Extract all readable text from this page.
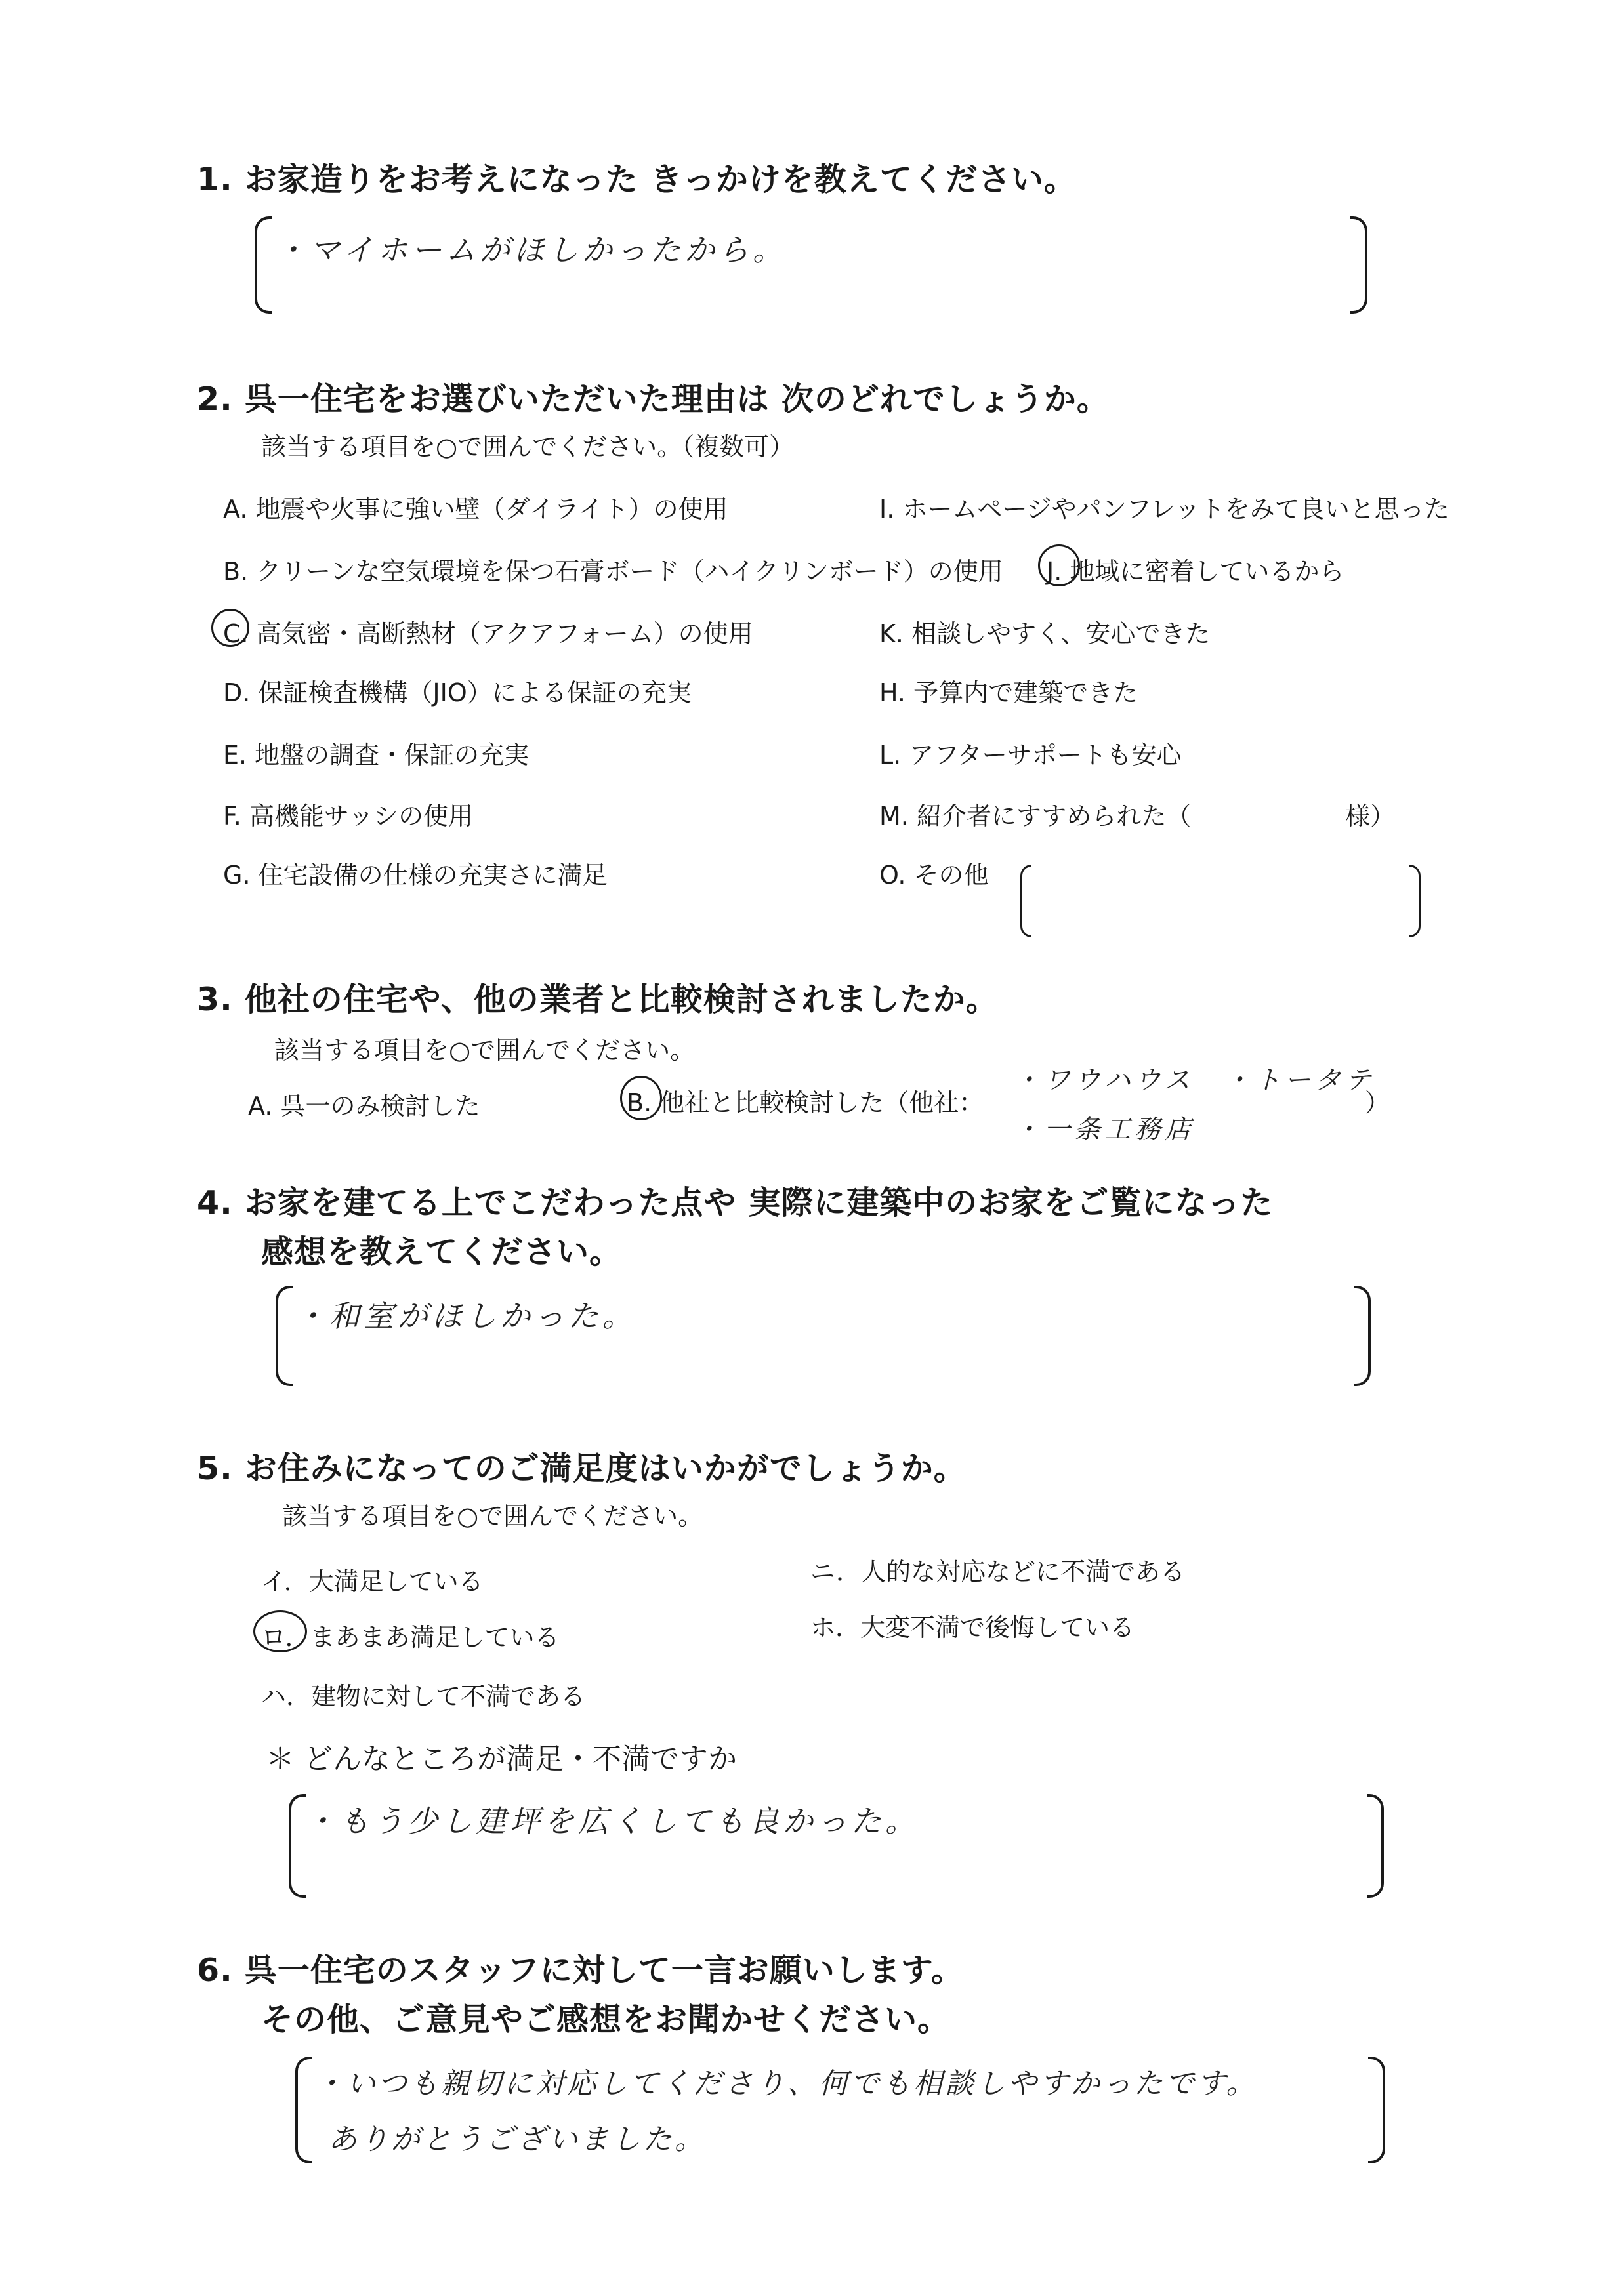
1. お家造りをお考えになった きっかけを教えてください。
・マイホームがほしかったから。
2. 呉一住宅をお選びいただいた理由は 次のどれでしょうか。
該当する項目を○で囲んでください。（複数可）
A. 地震や火事に強い壁（ダイライト）の使用
B. クリーンな空気環境を保つ石膏ボード（ハイクリンボード）の使用
C. 高気密・高断熱材（アクアフォーム）の使用
D. 保証検査機構（JIO）による保証の充実
E. 地盤の調査・保証の充実
F. 高機能サッシの使用
G. 住宅設備の仕様の充実さに満足
I. ホームページやパンフレットをみて良いと思った
J. 地域に密着しているから
K. 相談しやすく、安心できた
H. 予算内で建築できた
L. アフターサポートも安心
M. 紹介者にすすめられた（	様）
O. その他
3. 他社の住宅や、他の業者と比較検討されましたか。
該当する項目を○で囲んでください。
A. 呉一のみ検討した	B. 他社と比較検討した（他社：
・ワウハウス　・トータテ
・一条工務店
）
4. お家を建てる上でこだわった点や 実際に建築中のお家をご覧になった
感想を教えてください。
・和室がほしかった。
5. お住みになってのご満足度はいかがでしょうか。
該当する項目を○で囲んでください。
イ．大満足している
ロ．まあまあ満足している
ハ．建物に対して不満である
ニ．人的な対応などに不満である
ホ．大変不満で後悔している
＊ どんなところが満足・不満ですか
・もう少し建坪を広くしても良かった。
6. 呉一住宅のスタッフに対して一言お願いします。
その他、ご意見やご感想をお聞かせください。
・いつも親切に対応してくださり、何でも相談しやすかったです。
ありがとうございました。
